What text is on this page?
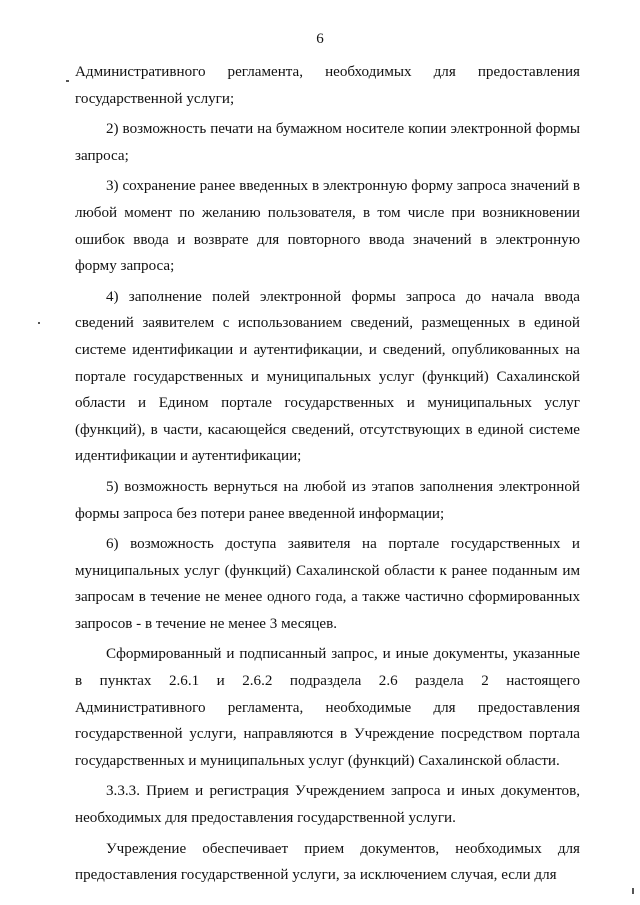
6

Административного регламента, необходимых для предоставления государственной услуги;

2) возможность печати на бумажном носителе копии электронной формы запроса;

3) сохранение ранее введенных в электронную форму запроса значений в любой момент по желанию пользователя, в том числе при возникновении ошибок ввода и возврате для повторного ввода значений в электронную форму запроса;

4) заполнение полей электронной формы запроса до начала ввода сведений заявителем с использованием сведений, размещенных в единой системе идентификации и аутентификации, и сведений, опубликованных на портале государственных и муниципальных услуг (функций) Сахалинской области и Едином портале государственных и муниципальных услуг (функций), в части, касающейся сведений, отсутствующих в единой системе идентификации и аутентификации;

5) возможность вернуться на любой из этапов заполнения электронной формы запроса без потери ранее введенной информации;

6) возможность доступа заявителя на портале государственных и муниципальных услуг (функций) Сахалинской области к ранее поданным им запросам в течение не менее одного года, а также частично сформированных запросов - в течение не менее 3 месяцев.

Сформированный и подписанный запрос, и иные документы, указанные в пунктах 2.6.1 и 2.6.2 подраздела 2.6 раздела 2 настоящего Административного регламента, необходимые для предоставления государственной услуги, направляются в Учреждение посредством портала государственных и муниципальных услуг (функций) Сахалинской области.

3.3.3. Прием и регистрация Учреждением запроса и иных документов, необходимых для предоставления государственной услуги.

Учреждение обеспечивает прием документов, необходимых для предоставления государственной услуги, за исключением случая, если для
